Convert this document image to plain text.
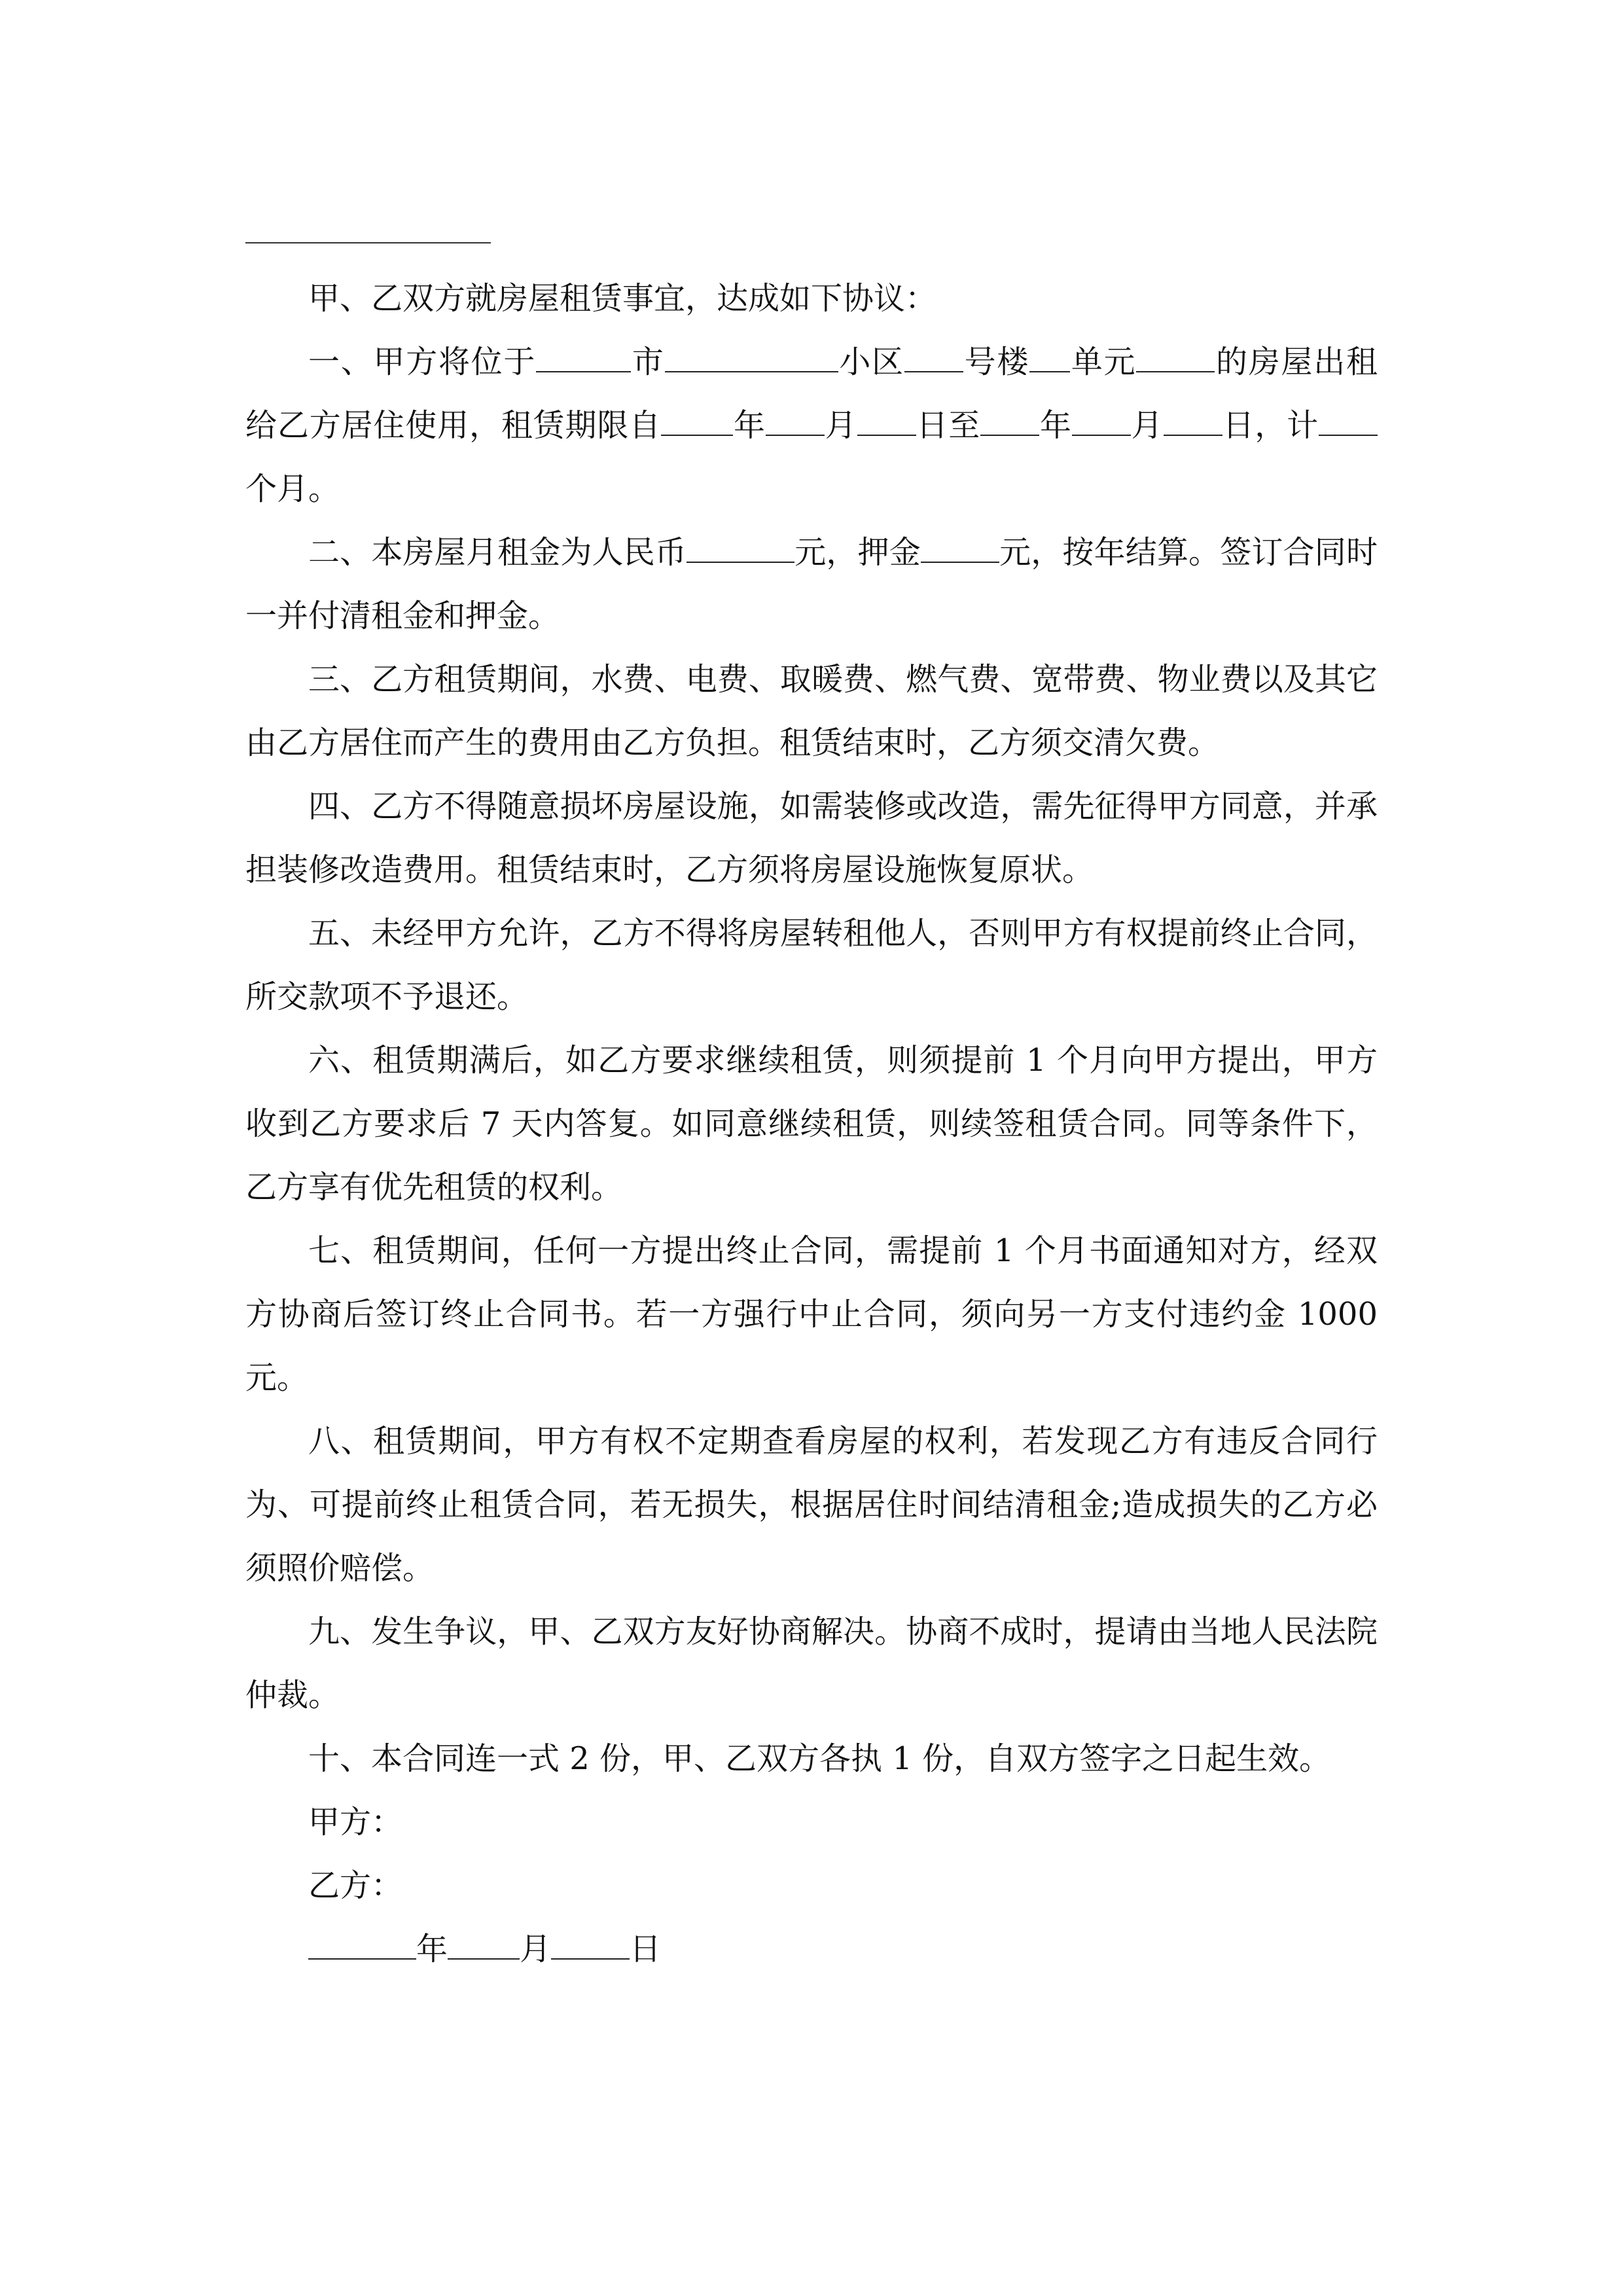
甲、乙双方就房屋租赁事宜，达成如下协议：

一、甲方将位于	市	小区 号楼 单元	的房屋出租给乙方居住使用，租赁期限自 年 月 日至 年 月 日，计个月。

二、本房屋月租金为人民币	元，押金	元，按年结算。签订合同时一并付清租金和押金。

三、乙方租赁期间，水费、电费、取暖费、燃气费、宽带费、物业费以及其它由乙方居住而产生的费用由乙方负担。租赁结束时，乙方须交清欠费。

四、乙方不得随意损坏房屋设施，如需装修或改造，需先征得甲方同意，并承担装修改造费用。租赁结束时，乙方须将房屋设施恢复原状。

五、未经甲方允许，乙方不得将房屋转租他人，否则甲方有权提前终止合同，所交款项不予退还。

六、租赁期满后，如乙方要求继续租赁，则须提前 1 个月向甲方提出，甲方收到乙方要求后 7 天内答复。如同意继续租赁，则续签租赁合同。同等条件下，乙方享有优先租赁的权利。

七、租赁期间，任何一方提出终止合同，需提前 1 个月书面通知对方，经双方协商后签订终止合同书。若一方强行中止合同，须向另一方支付违约金 1000 元。

八、租赁期间，甲方有权不定期查看房屋的权利，若发现乙方有违反合同行为、可提前终止租赁合同，若无损失，根据居住时间结清租金;造成损失的乙方必须照价赔偿。

九、发生争议，甲、乙双方友好协商解决。协商不成时，提请由当地人民法院仲裁。

十、本合同连一式 2 份，甲、乙双方各执 1 份，自双方签字之日起生效。

甲方：

乙方：

年 月	日
